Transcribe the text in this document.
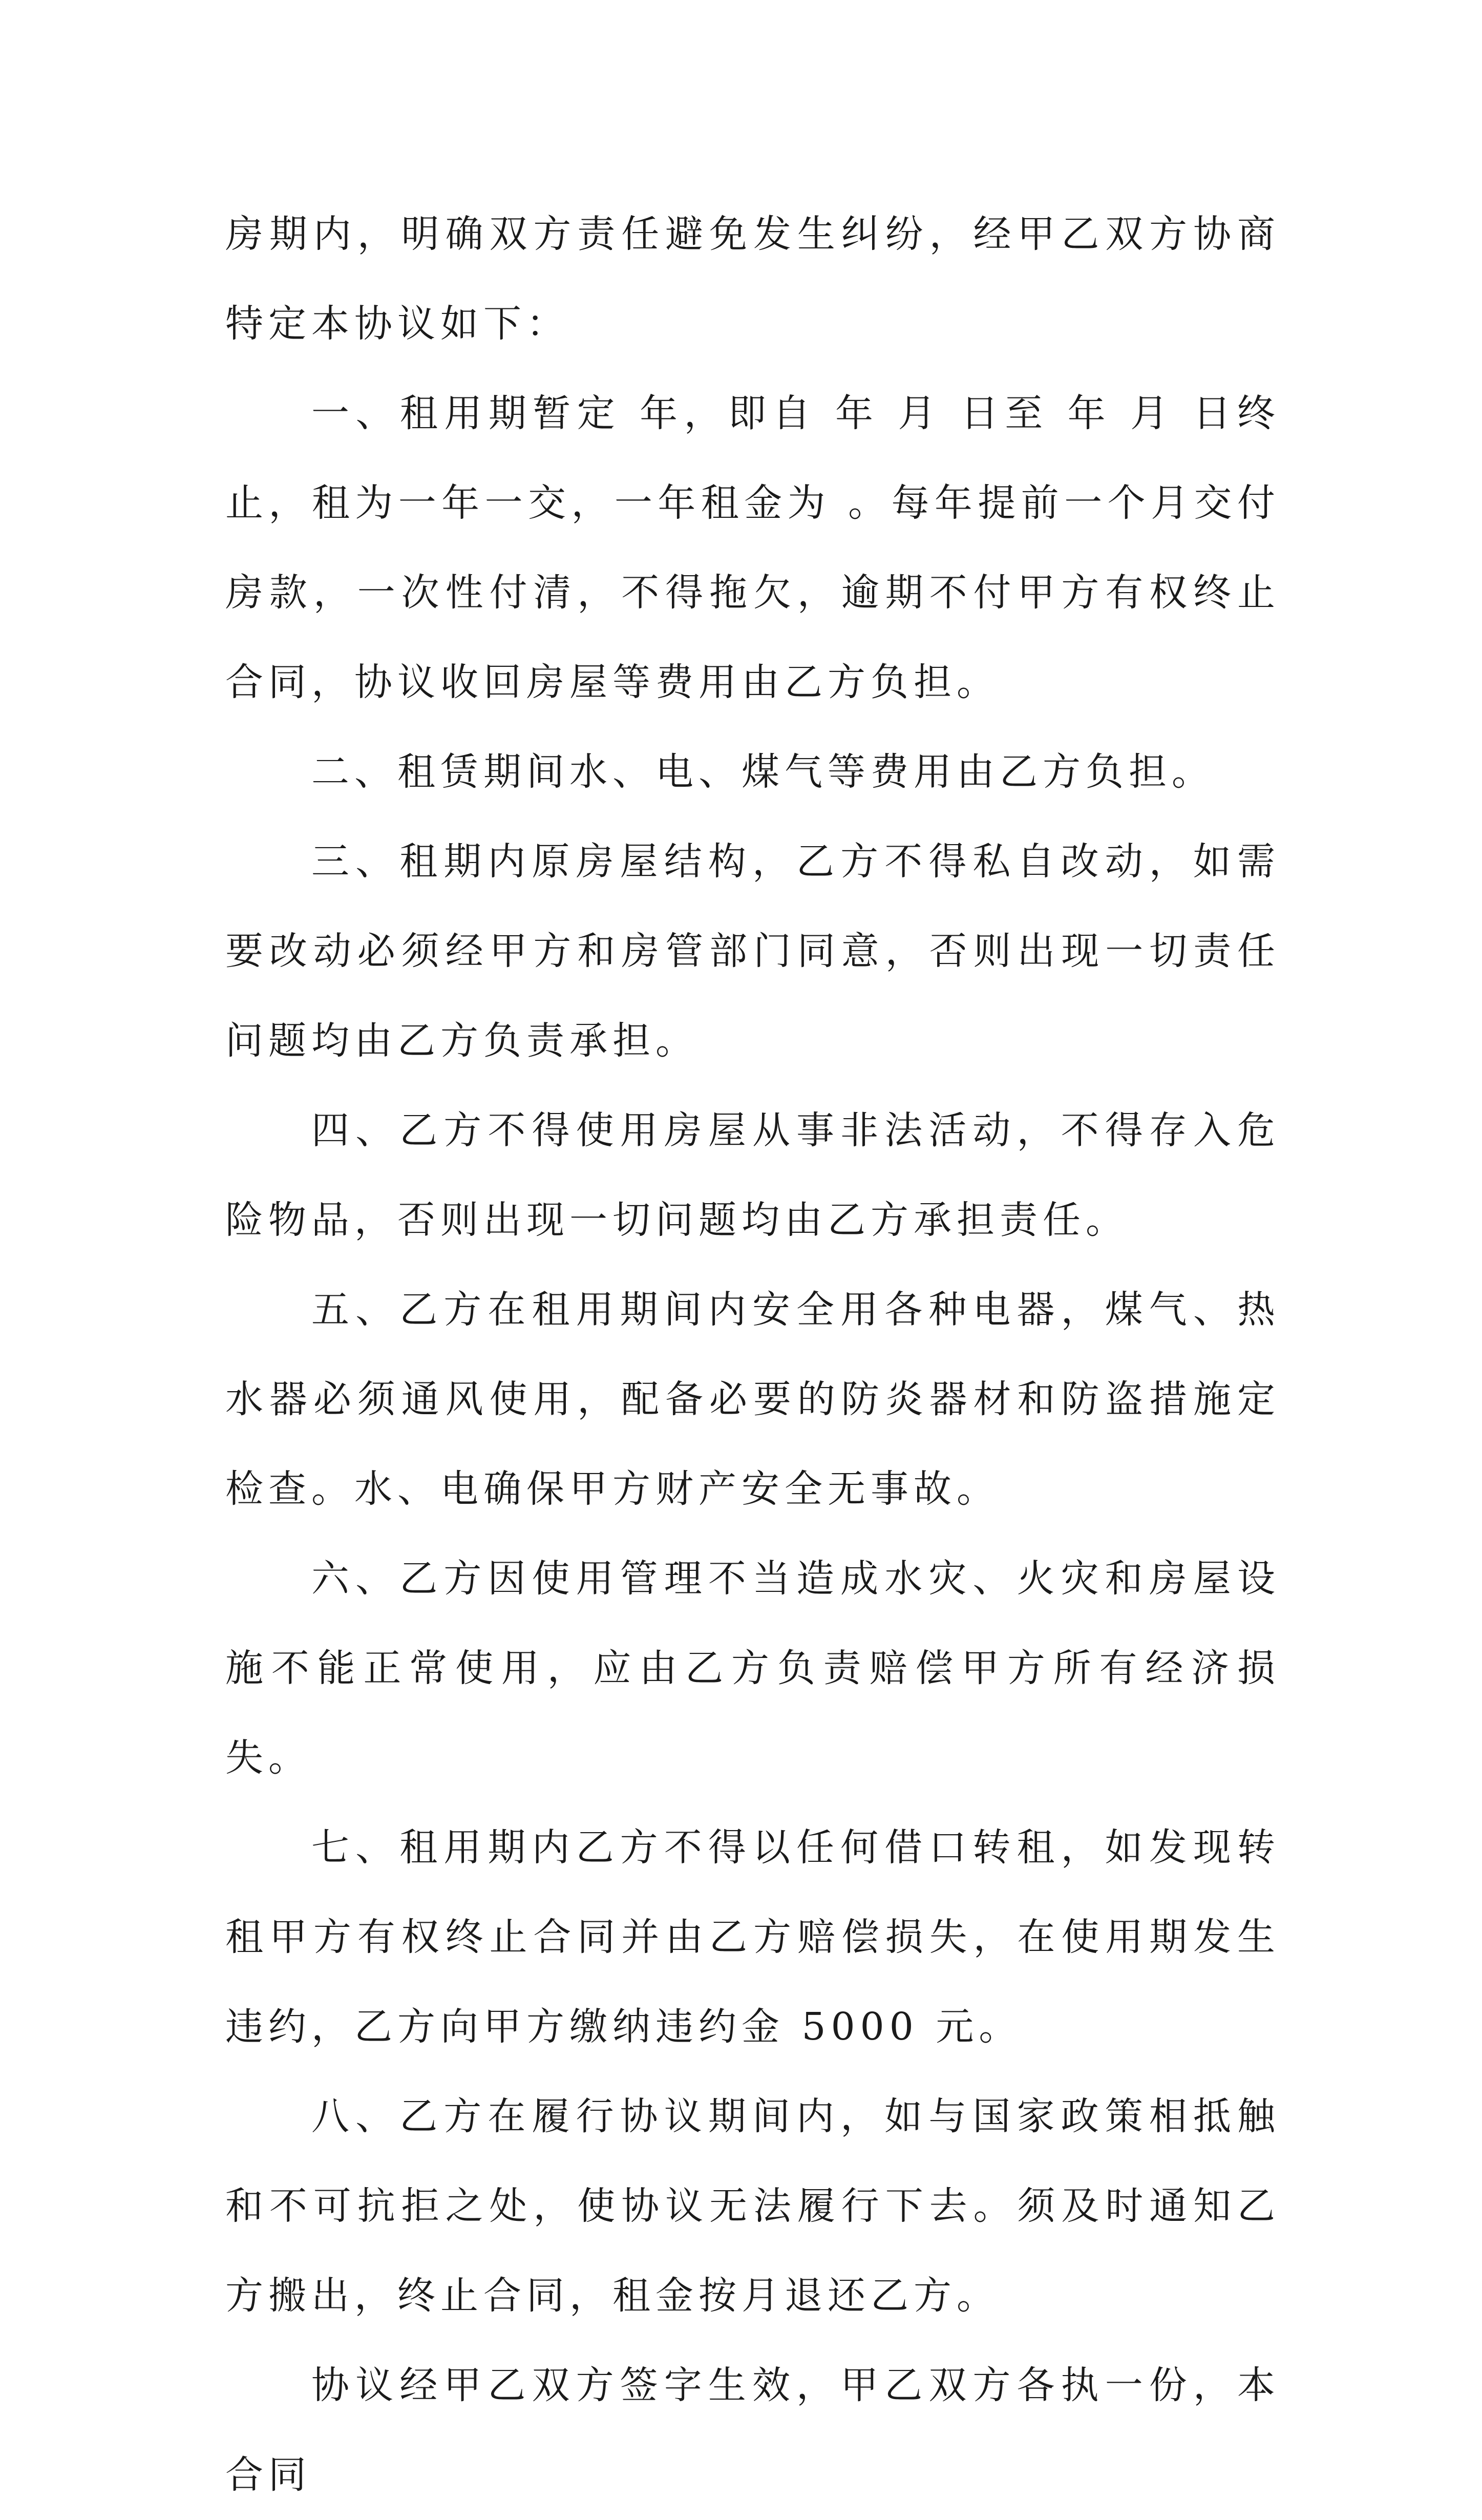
房期内，明确双方责任避免发生纠纷，经甲乙双方协商特定本协议如下：

一、租用期暂定 年，即自 年 月 日至 年 月 日终止，租为一年一交，一年租金为 。每年提前一个月交付房款，一次性付清，不得拖欠，逾期不付甲方有权终止合同，协议收回房屋等费用由乙方负担。

二、租赁期间水、电、煤气等费用由乙方负担。

三、租期内原房屋结构，乙方不得私自改动，如需要改动必须经甲方和房管部门同意，否则出现一切责任问题均由乙方负责承担。

四、乙方不得使用房屋从事非法活动，不得存入危险物品，否则出现一切问题均由乙方承担责任。

五、乙方在租用期间内安全用各种电器，煤气、热水器必须通风使用，配备必要的防炎器材和防盗措施定检查。水、电确保甲方财产安全无事故。

六、乙方因使用管理不当造成水灾、火灾和房屋设施不能正常使用，应由乙方负责赔偿甲方所有经济损失。

七、租用期内乙方不得以任何借口转租，如发现转租甲方有权终止合同并由乙方赔偿损失，在使用期发生违约，乙方向甲方缴纳违约金 5000 元。

八、乙方在履行协议期间内，如与国家政策相抵触和不可抗拒之处，使协议无法履行下去。须及时通知乙方搬出，终止合同，租金按月退还乙方。

协议经甲乙双方签字生效，甲乙双方各执一份，本合同
